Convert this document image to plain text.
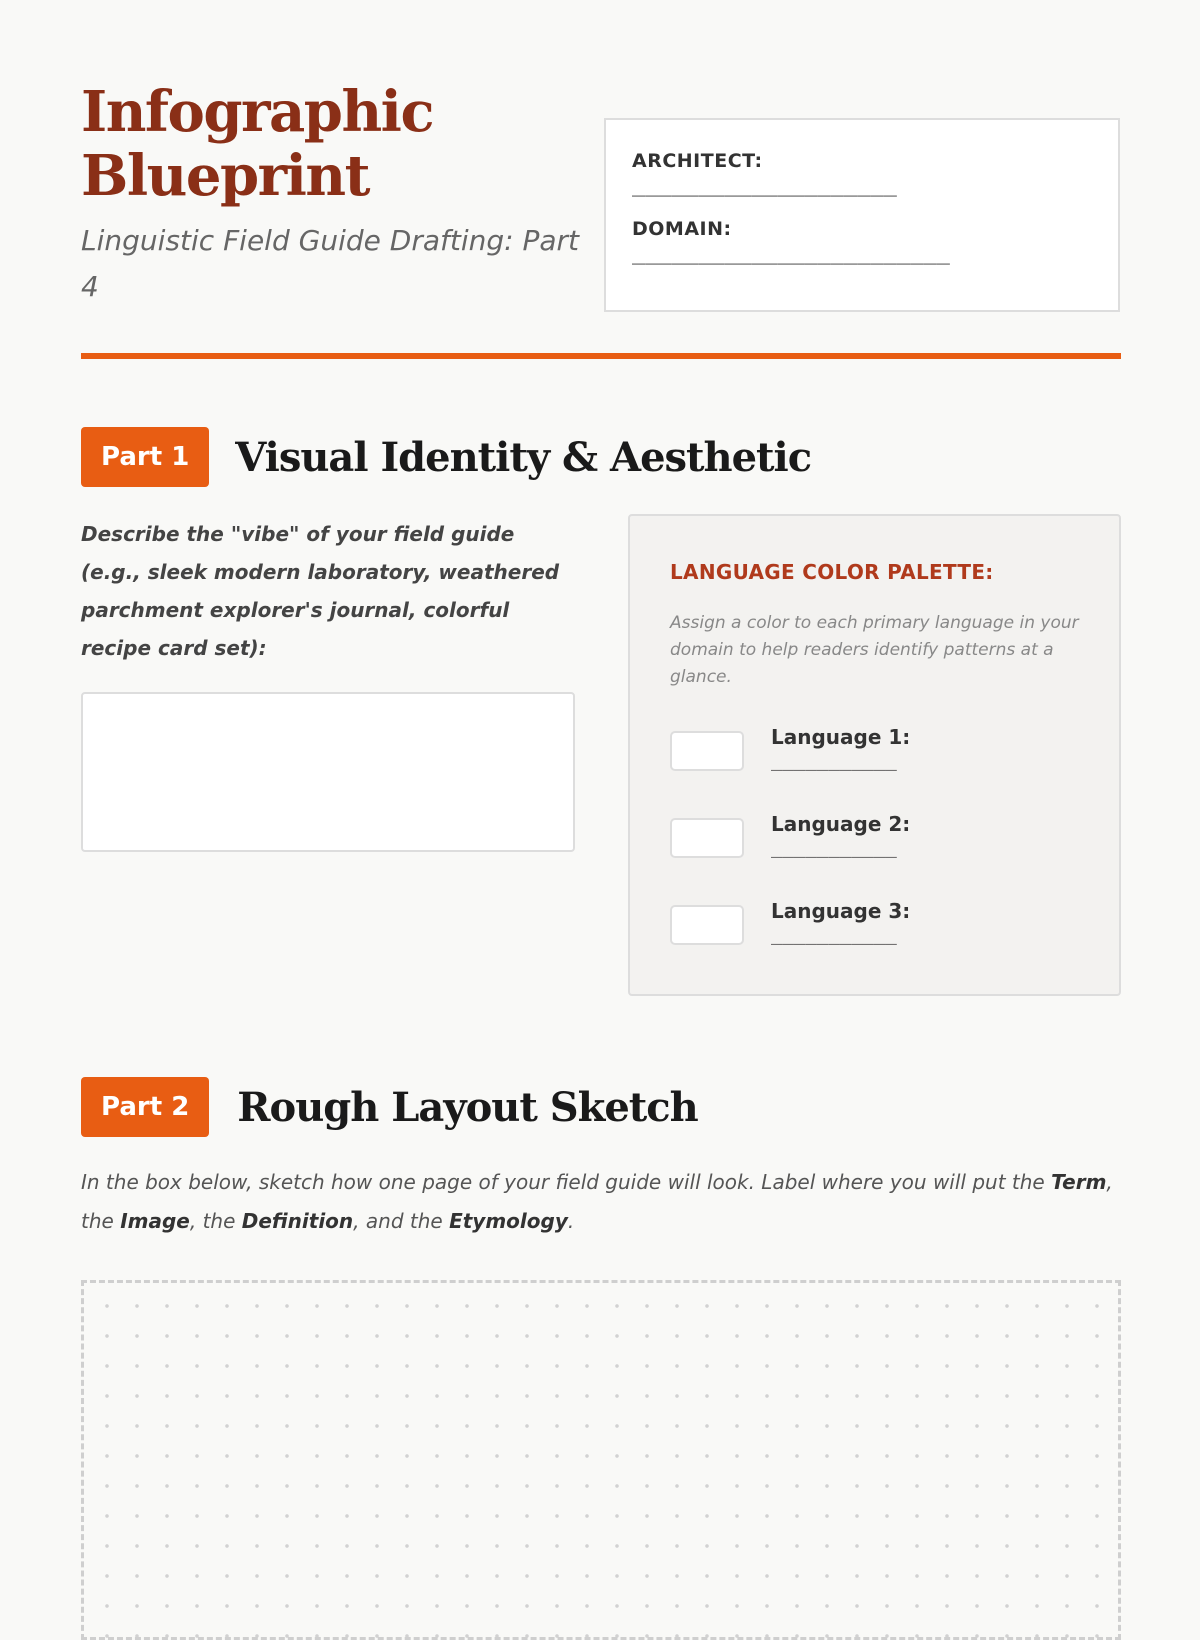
Infographic Blueprint

Linguistic Field Guide Drafting: Part 4

ARCHITECT:
____________________
DOMAIN:
________________________
Part 1	Visual Identity & Aesthetic
Describe the "vibe" of your field guide (e.g., sleek modern laboratory, weathered parchment explorer's journal, colorful recipe card set):
LANGUAGE COLOR PALETTE:
Assign a color to each primary language in your domain to help readers identify patterns at a glance.
Language 1:
___________
Language 2:
___________
Language 3:
___________
Part 2	Rough Layout Sketch
In the box below, sketch how one page of your field guide will look. Label where you will put the Term, the Image, the Definition, and the Etymology.
